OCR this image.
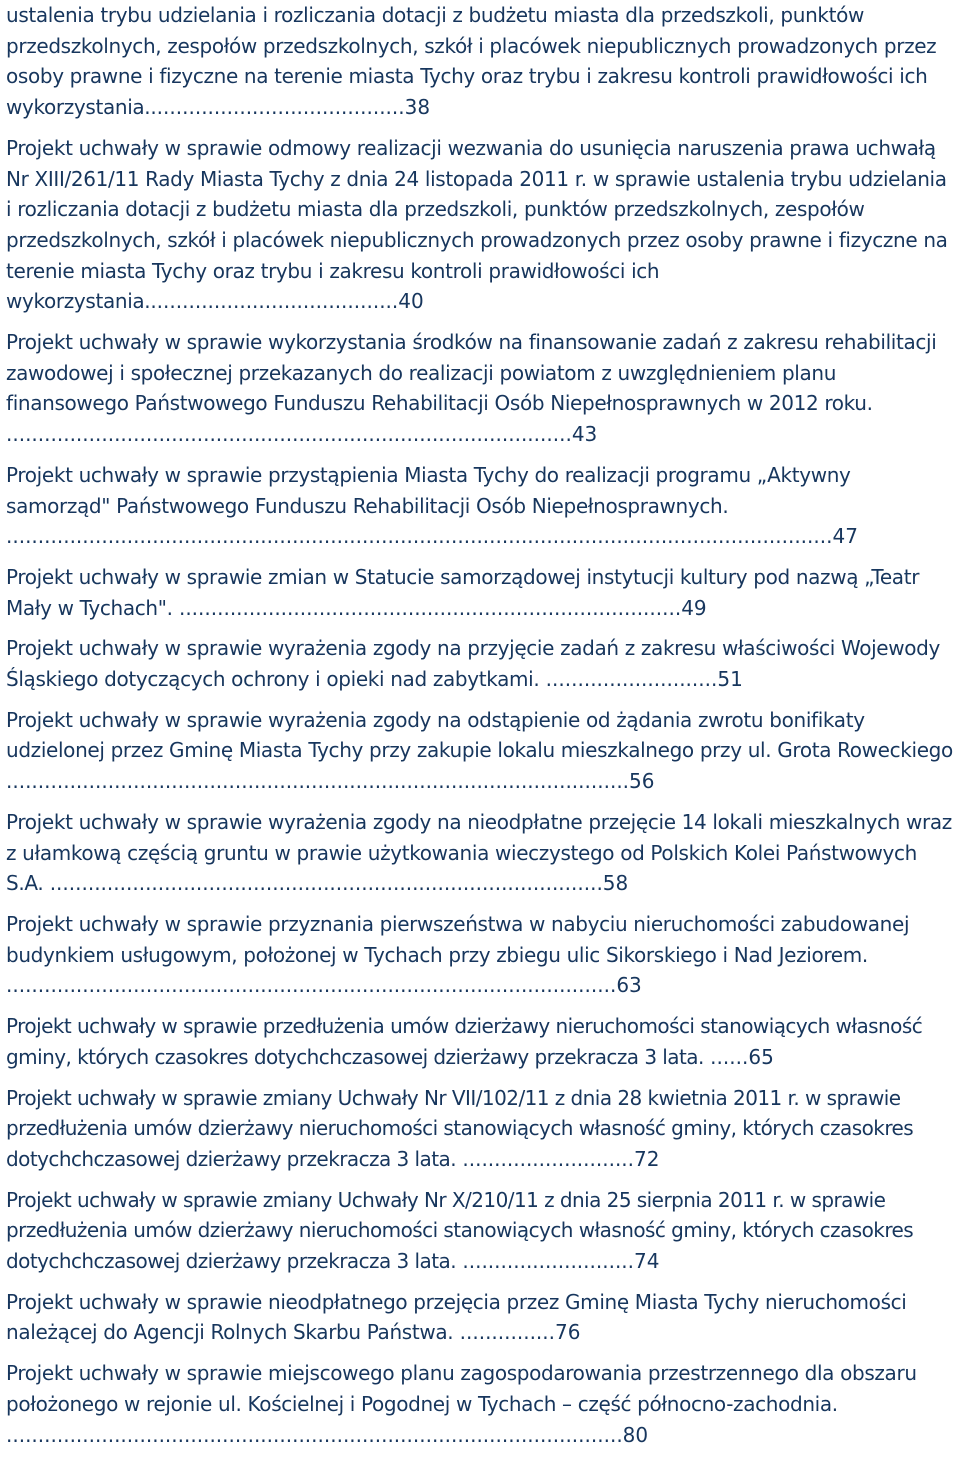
ustalenia trybu udzielania i rozliczania dotacji z budżetu miasta dla przedszkoli, punktów przedszkolnych, zespołów przedszkolnych, szkół i placówek niepublicznych prowadzonych przez osoby prawne i fizyczne na terenie miasta Tychy oraz trybu i zakresu kontroli prawidłowości ich wykorzystania.........................................38
Projekt uchwały w sprawie odmowy realizacji wezwania do usunięcia naruszenia prawa uchwałą Nr XIII/261/11 Rady Miasta Tychy z dnia 24 listopada 2011 r. w sprawie ustalenia trybu udzielania i rozliczania dotacji z budżetu miasta dla przedszkoli, punktów przedszkolnych, zespołów przedszkolnych, szkół i placówek niepublicznych prowadzonych przez osoby prawne i fizyczne na terenie miasta Tychy oraz trybu i zakresu kontroli prawidłowości ich wykorzystania........................................40
Projekt uchwały w sprawie wykorzystania środków na finansowanie zadań z zakresu rehabilitacji zawodowej i społecznej przekazanych do realizacji powiatom z uwzględnieniem planu finansowego Państwowego Funduszu Rehabilitacji Osób Niepełnosprawnych w 2012 roku. .........................................................................................43
Projekt uchwały w sprawie przystąpienia Miasta Tychy do realizacji programu „Aktywny samorząd" Państwowego Funduszu Rehabilitacji Osób Niepełnosprawnych. ..................................................................................................................................47
Projekt uchwały w sprawie zmian w Statucie samorządowej instytucji kultury pod nazwą „Teatr Mały w Tychach". ...............................................................................49
Projekt uchwały w sprawie wyrażenia zgody na przyjęcie zadań z zakresu właściwości Wojewody Śląskiego dotyczących ochrony i opieki nad zabytkami. ...........................51
Projekt uchwały w sprawie wyrażenia zgody na odstąpienie od żądania zwrotu bonifikaty udzielonej przez Gminę Miasta Tychy przy zakupie lokalu mieszkalnego przy ul. Grota Roweckiego ..................................................................................................56
Projekt uchwały w sprawie wyrażenia zgody na nieodpłatne przejęcie 14 lokali mieszkalnych wraz z ułamkową częścią gruntu w prawie użytkowania wieczystego od Polskich Kolei Państwowych S.A. .......................................................................................58
Projekt uchwały w sprawie przyznania pierwszeństwa w nabyciu nieruchomości zabudowanej budynkiem usługowym, położonej w Tychach przy zbiegu ulic Sikorskiego i Nad Jeziorem. ................................................................................................63
Projekt uchwały w sprawie przedłużenia umów dzierżawy nieruchomości stanowiących własność gminy, których czasokres dotychchczasowej dzierżawy przekracza 3 lata. ......65
Projekt uchwały w sprawie zmiany Uchwały Nr VII/102/11 z dnia 28 kwietnia 2011 r. w sprawie przedłużenia umów dzierżawy nieruchomości stanowiących własność gminy, których czasokres dotychchczasowej dzierżawy przekracza 3 lata. ...........................72
Projekt uchwały w sprawie zmiany Uchwały Nr X/210/11 z dnia 25 sierpnia 2011 r. w sprawie przedłużenia umów dzierżawy nieruchomości stanowiących własność gminy, których czasokres dotychchczasowej dzierżawy przekracza 3 lata. ...........................74
Projekt uchwały w sprawie nieodpłatnego przejęcia przez Gminę Miasta Tychy nieruchomości należącej do Agencji Rolnych Skarbu Państwa. ...............76
Projekt uchwały w sprawie miejscowego planu zagospodarowania przestrzennego dla obszaru położonego w rejonie ul. Kościelnej i Pogodnej w Tychach – część północno-zachodnia. .................................................................................................80
